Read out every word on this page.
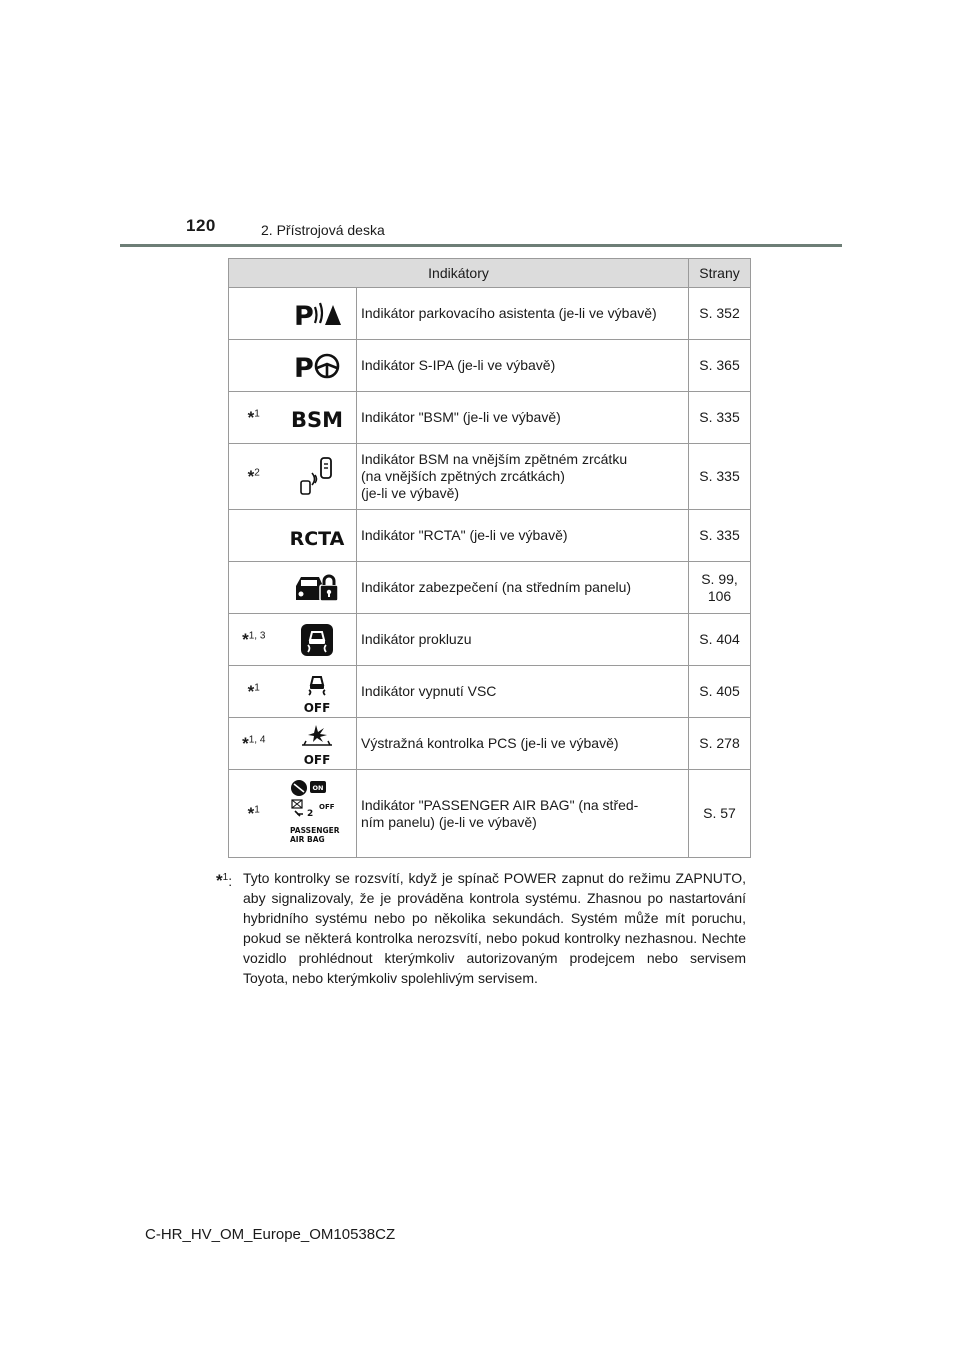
120	2. Přístrojová deska
Indikátory			Strany

P	Indikátor parkovacího asistenta (je-li ve výbavě)	S. 352

P	Indikátor S-IPA (je-li ve výbavě)	S. 365
*$^1$	BSM	Indikátor "BSM" (je-li ve výbavě)	S. 335
*$^2$		Indikátor BSM na vnějším zpětném zrcátku
(na vnějších zpětných zrcátkách)
(je-li ve výbavě)	S. 335

RCTA	Indikátor "RCTA" (je-li ve výbavě)	S. 335

	Indikátor zabezpečení (na středním panelu)	S. 99,
106
*$^{1, 3}$		Indikátor prokluzu	S. 404
*$^1$	OFF	Indikátor vypnutí VSC	S. 405
*$^{1, 4}$	OFF	Výstražná kontrolka PCS (je-li ve výbavě)	S. 278
*$^1$	ON
2
OFF
PASSENGER
AIR BAG	Indikátor "PASSENGER AIR BAG" (na střed-
ním panelu) (je-li ve výbavě)	S. 57
*$^1$: Tyto kontrolky se rozsvítí, když je spínač POWER zapnut do režimu ZAPNUTO, aby signalizovaly, že je prováděna kontrola systému. Zhasnou po nastartování hybridního systému nebo po několika sekundách. Systém může mít poruchu, pokud se některá kontrolka nerozsvítí, nebo pokud kontrolky nezhasnou. Nechte vozidlo prohlédnout kterýmkoliv autorizovaným prodejcem nebo servisem Toyota, nebo kterýmkoliv spolehlivým servisem.
C-HR_HV_OM_Europe_OM10538CZ
